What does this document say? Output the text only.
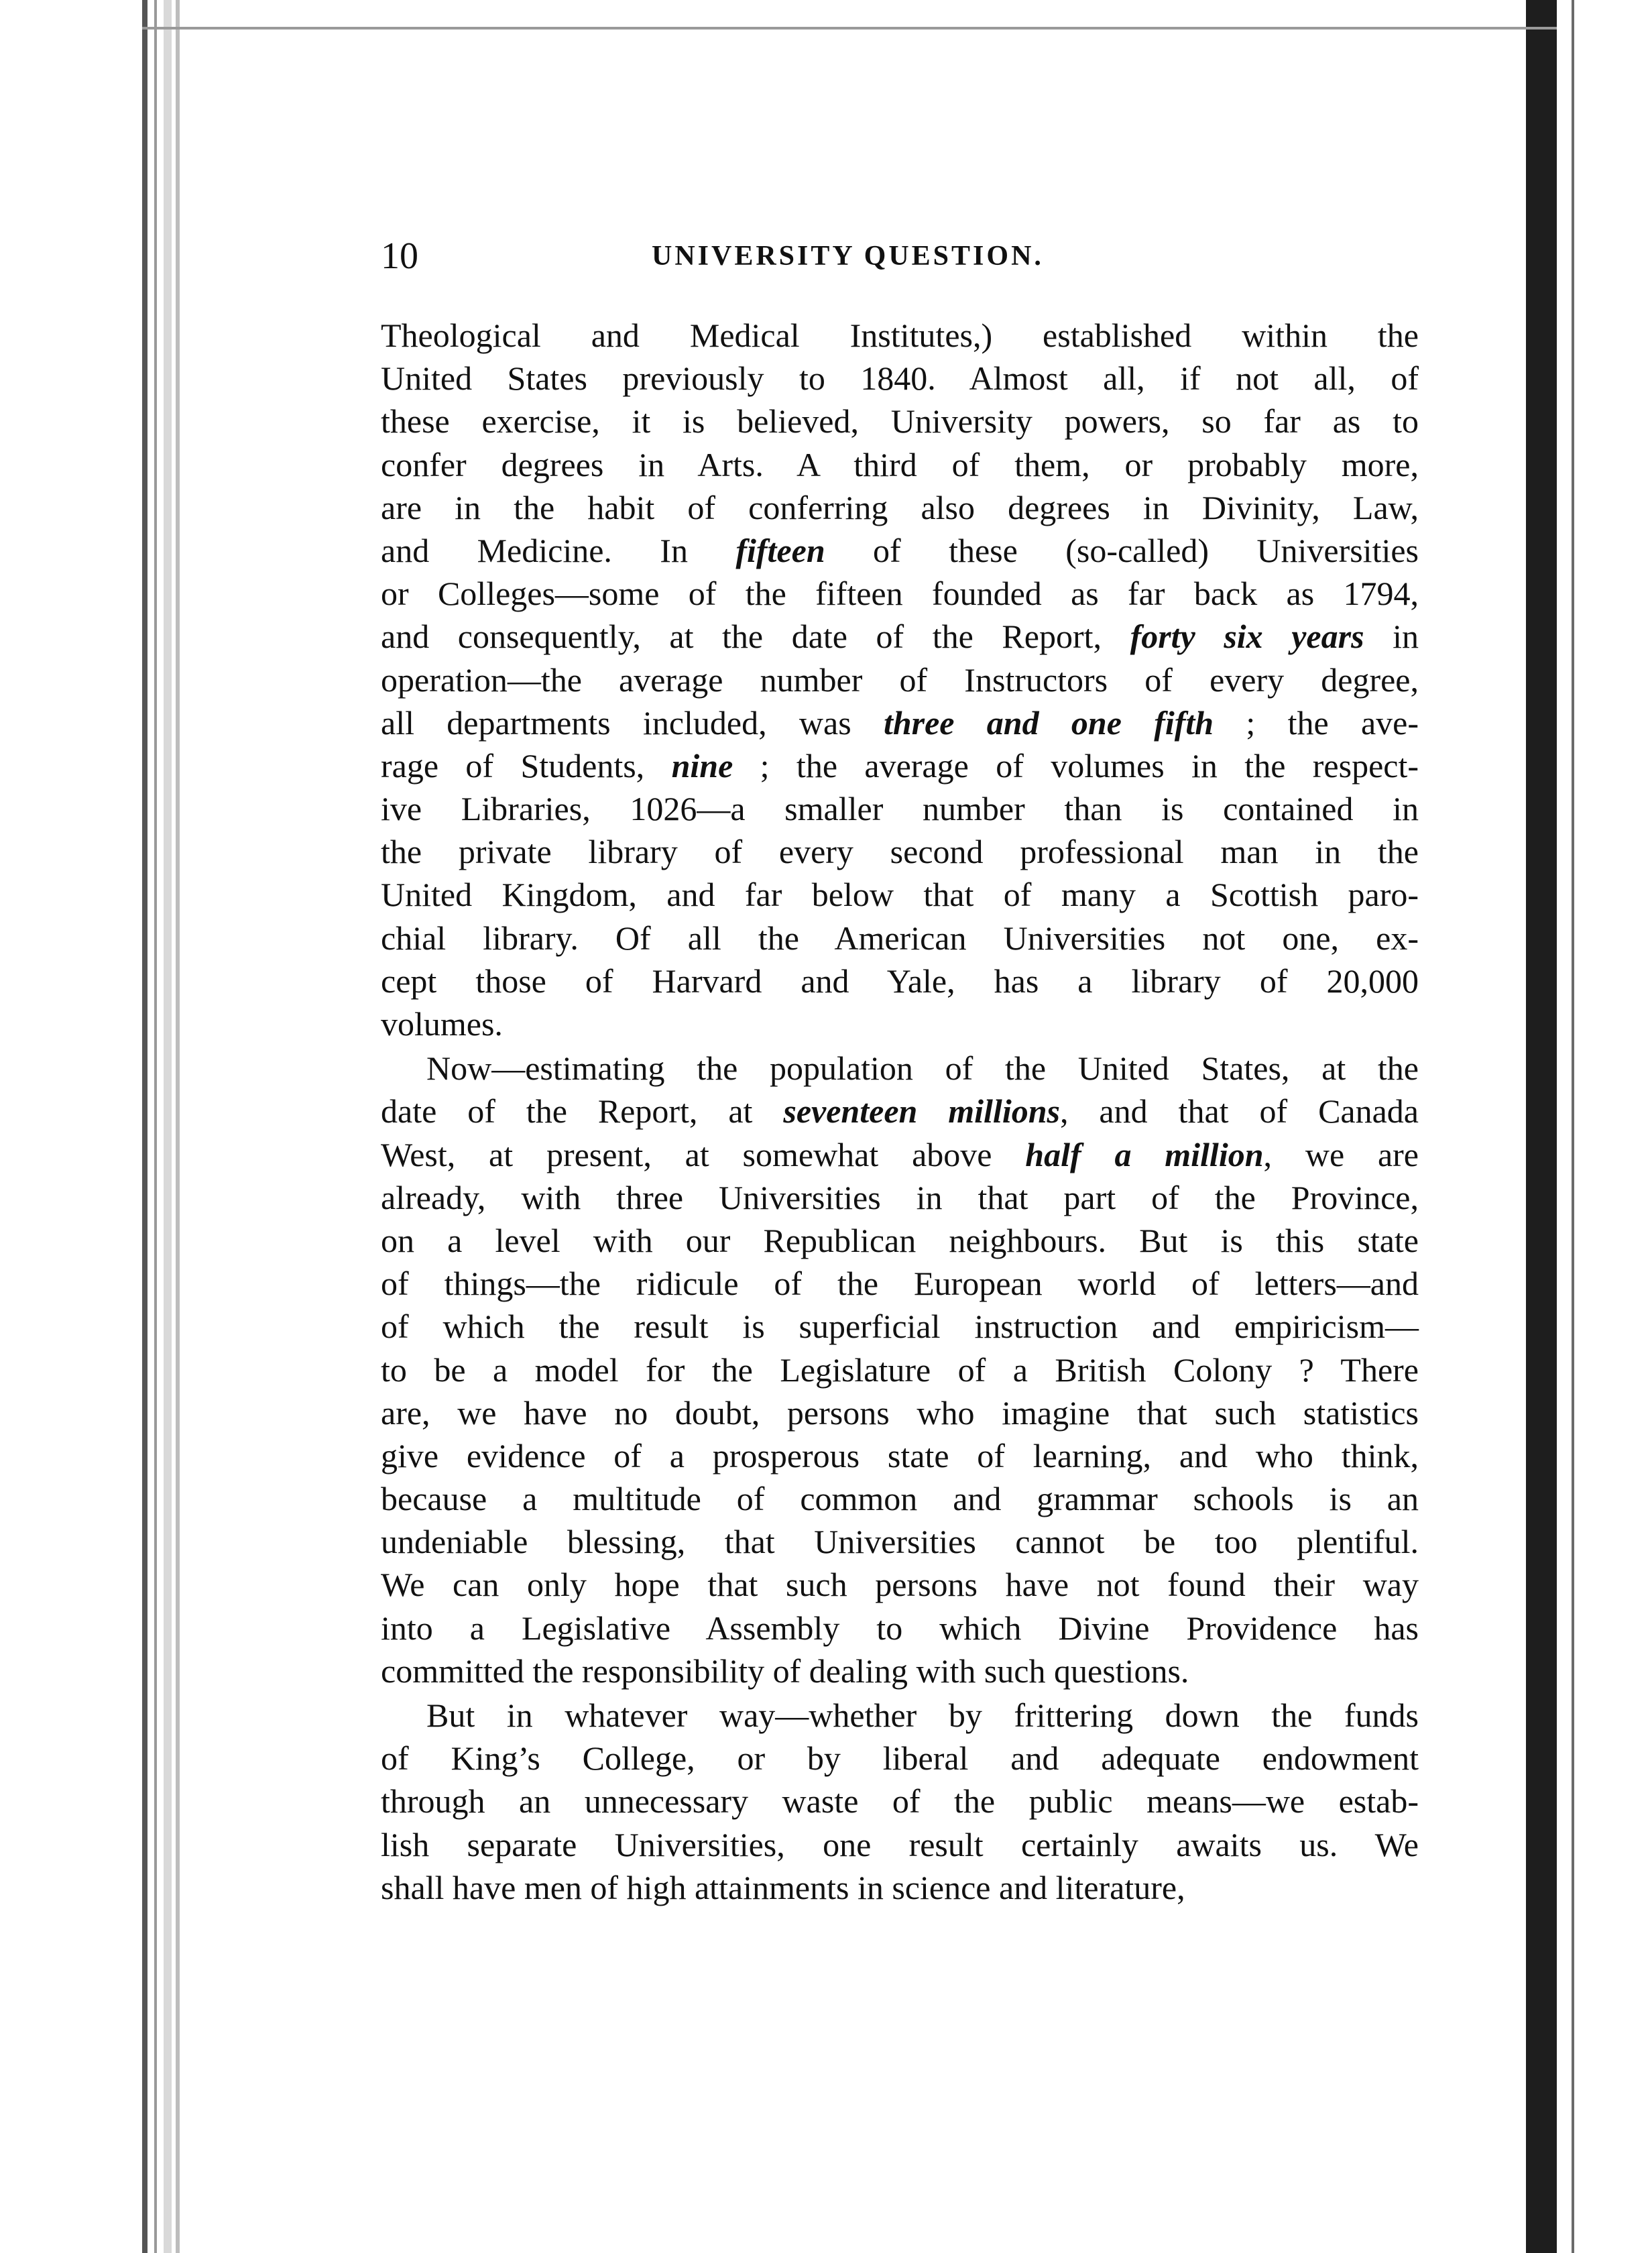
10	UNIVERSITY QUESTION.
Theological and Medical Institutes,) established within the
United States previously to 1840. Almost all, if not all, of
these exercise, it is believed, University powers, so far as to
confer degrees in Arts. A third of them, or probably more,
are in the habit of conferring also degrees in Divinity, Law,
and Medicine. In fifteen of these (so-called) Universities
or Colleges—some of the fifteen founded as far back as 1794,
and consequently, at the date of the Report, forty six years in
operation—the average number of Instructors of every degree,
all departments included, was three and one fifth ; the ave-
rage of Students, nine ; the average of volumes in the respect-
ive Libraries, 1026—a smaller number than is contained in
the private library of every second professional man in the
United Kingdom, and far below that of many a Scottish paro-
chial library. Of all the American Universities not one, ex-
cept those of Harvard and Yale, has a library of 20,000
volumes.
Now—estimating the population of the United States, at the
date of the Report, at seventeen millions, and that of Canada
West, at present, at somewhat above half a million, we are
already, with three Universities in that part of the Province,
on a level with our Republican neighbours. But is this state
of things—the ridicule of the European world of letters—and
of which the result is superficial instruction and empiricism—
to be a model for the Legislature of a British Colony ? There
are, we have no doubt, persons who imagine that such statistics
give evidence of a prosperous state of learning, and who think,
because a multitude of common and grammar schools is an
undeniable blessing, that Universities cannot be too plentiful.
We can only hope that such persons have not found their way
into a Legislative Assembly to which Divine Providence has
committed the responsibility of dealing with such questions.
But in whatever way—whether by frittering down the funds
of King’s College, or by liberal and adequate endowment
through an unnecessary waste of the public means—we estab-
lish separate Universities, one result certainly awaits us. We
shall have men of high attainments in science and literature,
